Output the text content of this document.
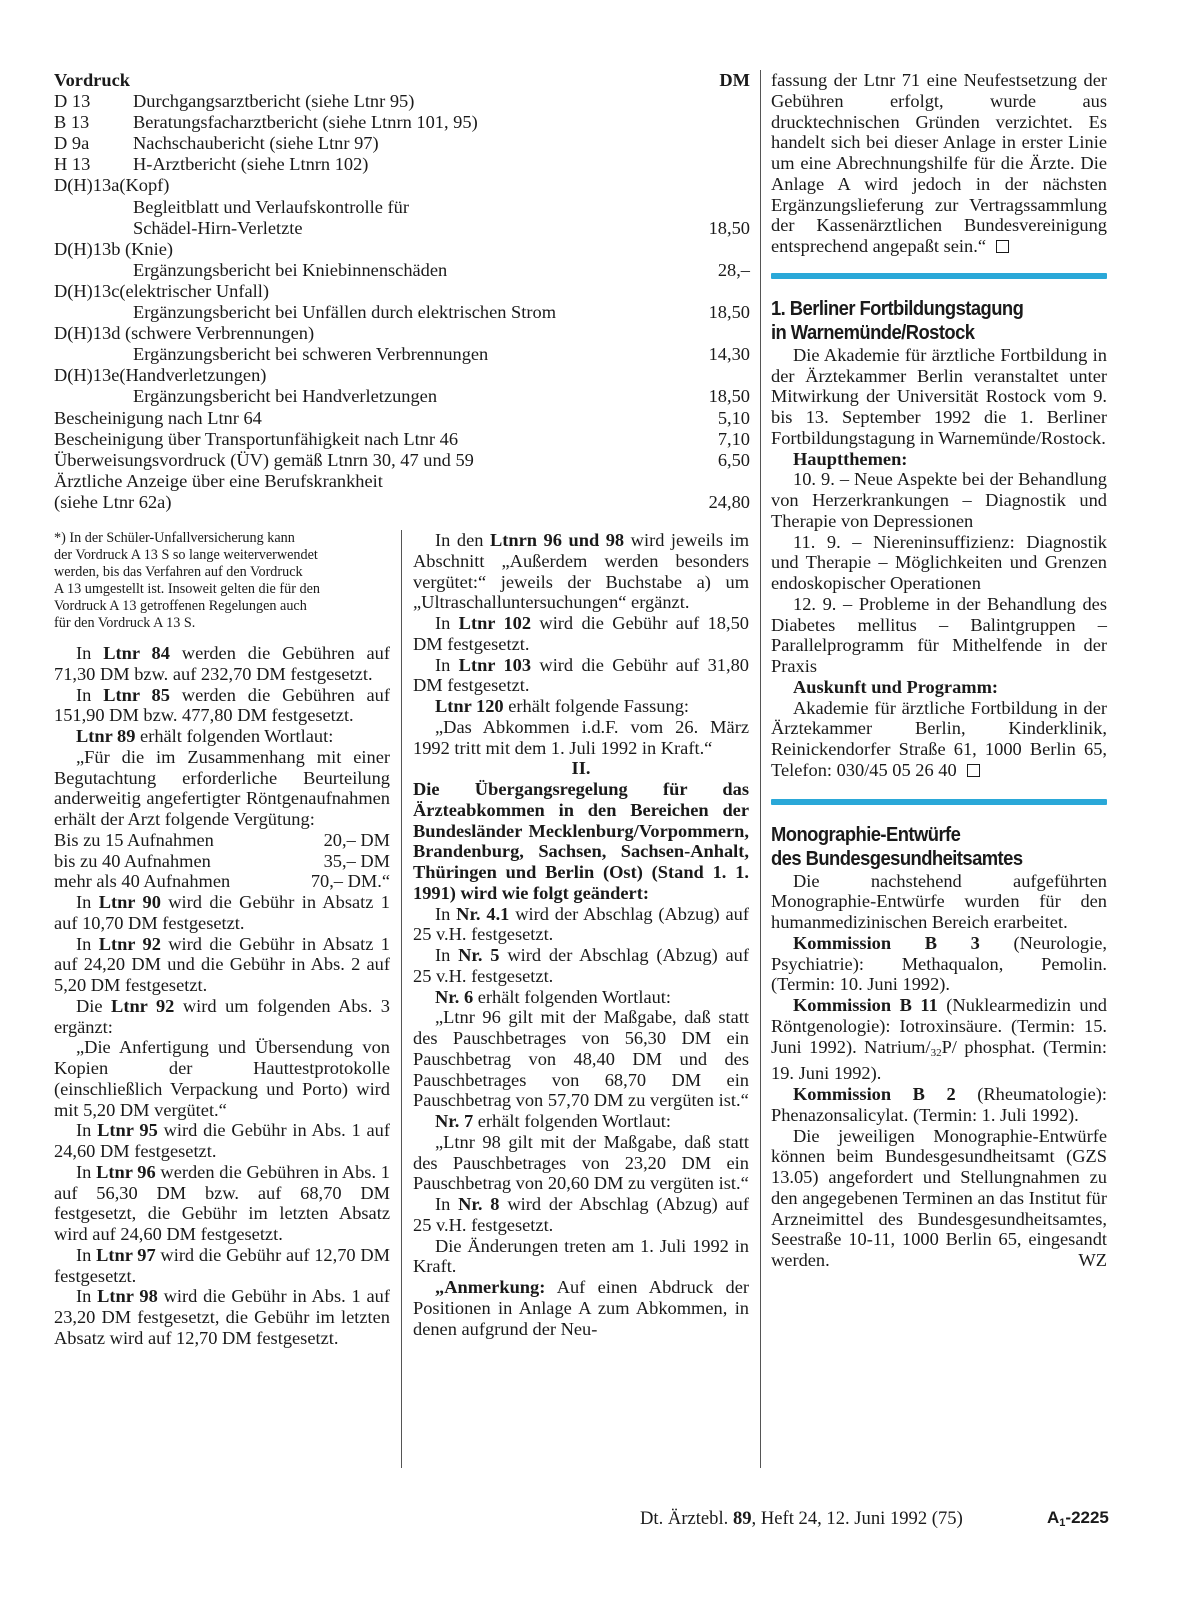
Vordruck	DM
D 13	Durchgangsarztbericht (siehe Ltnr 95)
B 13	Beratungsfacharztbericht (siehe Ltnrn 101, 95)
D 9a	Nachschaubericht (siehe Ltnr 97)
H 13	H-Arztbericht (siehe Ltnrn 102)
D(H)13a(Kopf)
Begleitblatt und Verlaufskontrolle für
Schädel-Hirn-Verletzte	18,50
D(H)13b (Knie)
Ergänzungsbericht bei Kniebinnenschäden	28,–
D(H)13c(elektrischer Unfall)
Ergänzungsbericht bei Unfällen durch elektrischen Strom	18,50
D(H)13d (schwere Verbrennungen)
Ergänzungsbericht bei schweren Verbrennungen	14,30
D(H)13e(Handverletzungen)
Ergänzungsbericht bei Handverletzungen	18,50
Bescheinigung nach Ltnr 64	5,10
Bescheinigung über Transportunfähigkeit nach Ltnr 46	7,10
Überweisungsvordruck (ÜV) gemäß Ltnrn 30, 47 und 59	6,50
Ärztliche Anzeige über eine Berufskrankheit
(siehe Ltnr 62a)	24,80
*) In der Schüler-Unfallversicherung kann
der Vordruck A 13 S so lange weiterverwendet
werden, bis das Verfahren auf den Vordruck
A 13 umgestellt ist. Insoweit gelten die für den
Vordruck A 13 getroffenen Regelungen auch
für den Vordruck A 13 S.

In Ltnr 84 werden die Gebühren auf 71,30 DM bzw. auf 232,70 DM festgesetzt.

In Ltnr 85 werden die Gebühren auf 151,90 DM bzw. 477,80 DM festgesetzt.

Ltnr 89 erhält folgenden Wortlaut:

„Für die im Zusammenhang mit einer Begutachtung erforderliche Beurteilung anderweitig angefertigter Röntgenaufnahmen erhält der Arzt folgende Vergütung:

Bis zu 15 Aufnahmen	20,– DM
bis zu 40 Aufnahmen	35,– DM
mehr als 40 Aufnahmen	70,– DM.“

In Ltnr 90 wird die Gebühr in Absatz 1 auf 10,70 DM festgesetzt.

In Ltnr 92 wird die Gebühr in Absatz 1 auf 24,20 DM und die Gebühr in Abs. 2 auf 5,20 DM festgesetzt.

Die Ltnr 92 wird um folgenden Abs. 3 ergänzt:

„Die Anfertigung und Übersendung von Kopien der Hauttestprotokolle (einschließlich Verpackung und Porto) wird mit 5,20 DM vergütet.“

In Ltnr 95 wird die Gebühr in Abs. 1 auf 24,60 DM festgesetzt.

In Ltnr 96 werden die Gebühren in Abs. 1 auf 56,30 DM bzw. auf 68,70 DM festgesetzt, die Gebühr im letzten Absatz wird auf 24,60 DM festgesetzt.

In Ltnr 97 wird die Gebühr auf 12,70 DM festgesetzt.

In Ltnr 98 wird die Gebühr in Abs. 1 auf 23,20 DM festgesetzt, die Gebühr im letzten Absatz wird auf 12,70 DM festgesetzt.

In den Ltnrn 96 und 98 wird jeweils im Abschnitt „Außerdem werden besonders vergütet:“ jeweils der Buchstabe a) um „Ultraschalluntersuchungen“ ergänzt.

In Ltnr 102 wird die Gebühr auf 18,50 DM festgesetzt.

In Ltnr 103 wird die Gebühr auf 31,80 DM festgesetzt.

Ltnr 120 erhält folgende Fassung:

„Das Abkommen i.d.F. vom 26. März 1992 tritt mit dem 1. Juli 1992 in Kraft.“

II.

Die Übergangsregelung für das Ärzteabkommen in den Bereichen der Bundesländer Mecklenburg/Vorpommern, Brandenburg, Sachsen, Sachsen-Anhalt, Thüringen und Berlin (Ost) (Stand 1. 1. 1991) wird wie folgt geändert:

In Nr. 4.1 wird der Abschlag (Abzug) auf 25 v.H. festgesetzt.

In Nr. 5 wird der Abschlag (Abzug) auf 25 v.H. festgesetzt.

Nr. 6 erhält folgenden Wortlaut:

„Ltnr 96 gilt mit der Maßgabe, daß statt des Pauschbetrages von 56,30 DM ein Pauschbetrag von 48,40 DM und des Pauschbetrages von 68,70 DM ein Pauschbetrag von 57,70 DM zu vergüten ist.“

Nr. 7 erhält folgenden Wortlaut:

„Ltnr 98 gilt mit der Maßgabe, daß statt des Pauschbetrages von 23,20 DM ein Pauschbetrag von 20,60 DM zu vergüten ist.“

In Nr. 8 wird der Abschlag (Abzug) auf 25 v.H. festgesetzt.

Die Änderungen treten am 1. Juli 1992 in Kraft.

„Anmerkung: Auf einen Abdruck der Positionen in Anlage A zum Abkommen, in denen aufgrund der Neu-

fassung der Ltnr 71 eine Neufestsetzung der Gebühren erfolgt, wurde aus drucktechnischen Gründen verzichtet. Es handelt sich bei dieser Anlage in erster Linie um eine Abrechnungshilfe für die Ärzte. Die Anlage A wird jedoch in der nächsten Ergänzungslieferung zur Vertragssammlung der Kassenärztlichen Bundesvereinigung entsprechend angepaßt sein.“

1. Berliner Fortbildungstagung

in Warnemünde/Rostock

Die Akademie für ärztliche Fortbildung in der Ärztekammer Berlin veranstaltet unter Mitwirkung der Universität Rostock vom 9. bis 13. September 1992 die 1. Berliner Fortbildungstagung in Warnemünde/Rostock.

Hauptthemen:

10. 9. – Neue Aspekte bei der Behandlung von Herzerkrankungen – Diagnostik und Therapie von Depressionen

11. 9. – Niereninsuffizienz: Diagnostik und Therapie – Möglichkeiten und Grenzen endoskopischer Operationen

12. 9. – Probleme in der Behandlung des Diabetes mellitus – Balintgruppen – Parallelprogramm für Mithelfende in der Praxis

Auskunft und Programm:

Akademie für ärztliche Fortbildung in der Ärztekammer Berlin, Kinderklinik, Reinickendorfer Straße 61, 1000 Berlin 65, Telefon: 030/45 05 26 40

Monographie-Entwürfe

des Bundesgesundheitsamtes

Die nachstehend aufgeführten Monographie-Entwürfe wurden für den humanmedizinischen Bereich erarbeitet.

Kommission B 3 (Neurologie, Psychiatrie): Methaqualon, Pemolin. (Termin: 10. Juni 1992).

Kommission B 11 (Nuklearmedizin und Röntgenologie): Iotroxinsäure. (Termin: 15. Juni 1992). Natrium/$_{32}P/$ phosphat. (Termin: 19. Juni 1992).

Kommission B 2 (Rheumatologie): Phenazonsalicylat. (Termin: 1. Juli 1992).

Die jeweiligen Monographie-Entwürfe können beim Bundesgesundheitsamt (GZS 13.05) angefordert und Stellungnahmen zu den angegebenen Terminen an das Institut für Arzneimittel des Bundesgesundheitsamtes, Seestraße 10-11, 1000 Berlin 65, eingesandt werden.	WZ

Dt. Ärztebl. 89, Heft 24, 12. Juni 1992 (75)	$A_1-2225$
